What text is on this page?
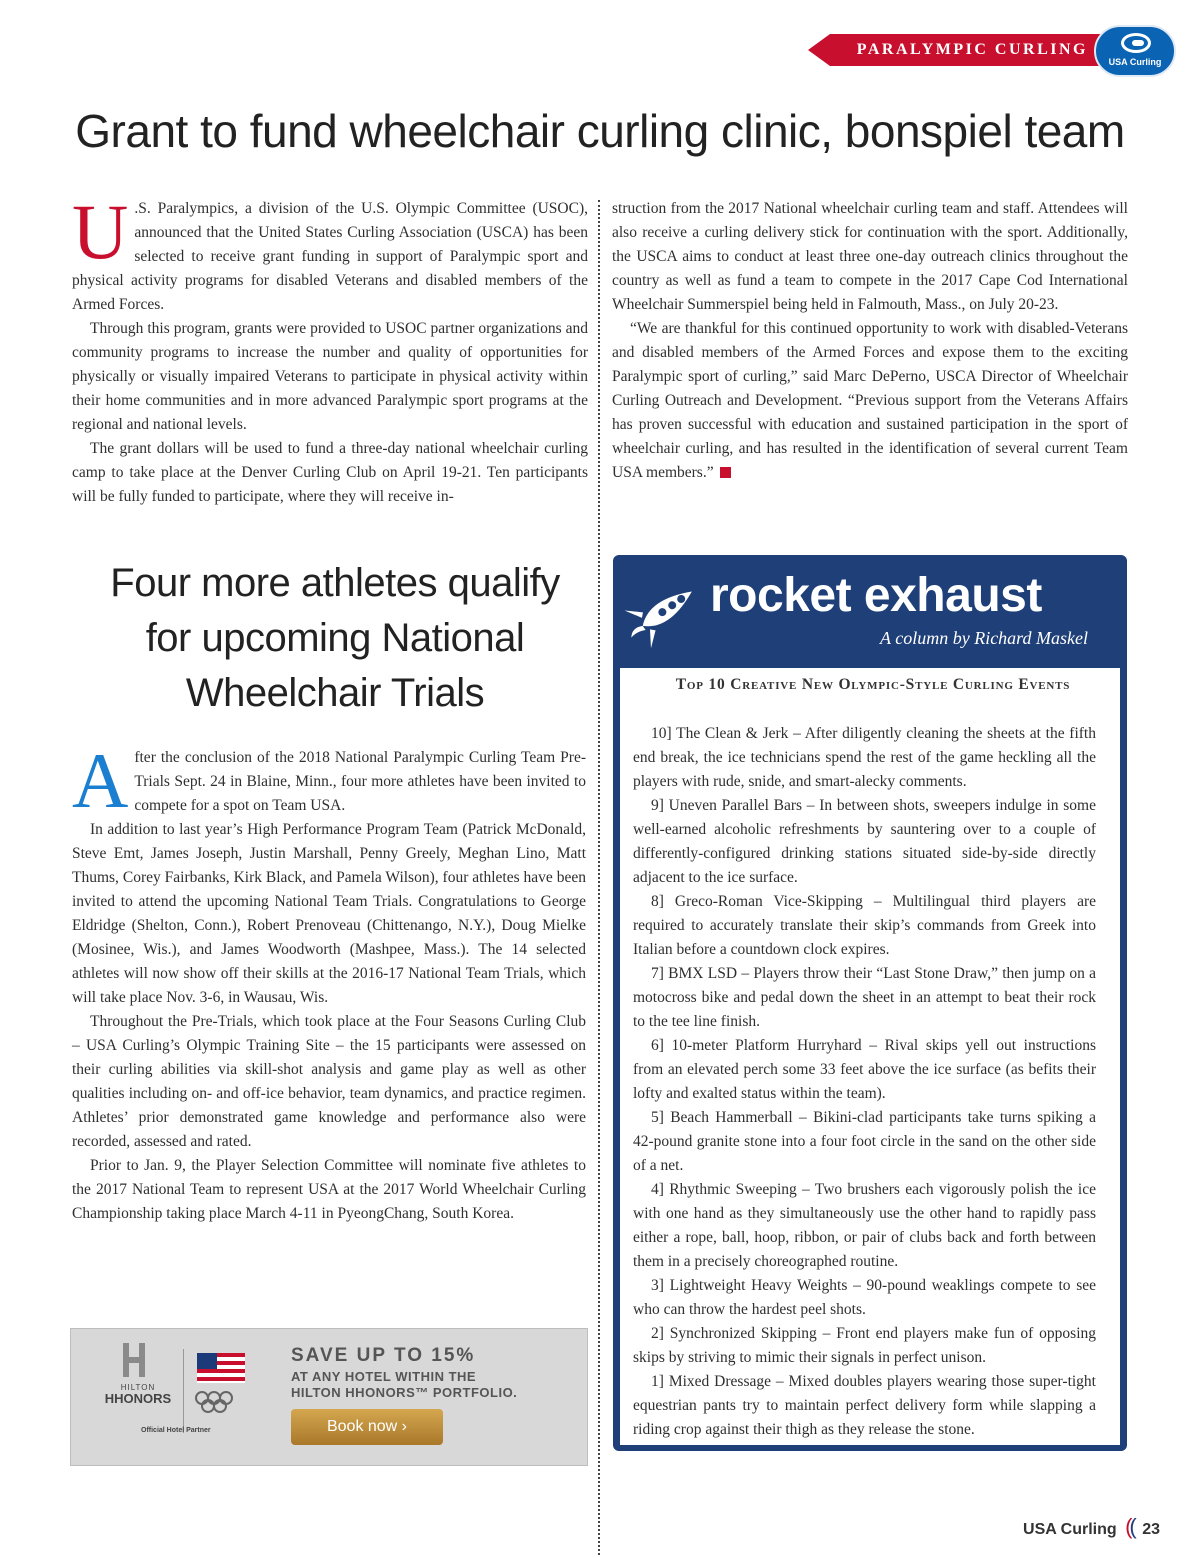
PARALYMPIC CURLING
USA Curling
Grant to fund wheelchair curling clinic, bonspiel team

U .S. Paralympics, a division of the U.S. Olympic Committee (USOC), announced that the United States Curling Association (USCA) has been selected to receive grant funding in support of Paralympic sport and physical activity programs for disabled Veterans and disabled members of the Armed Forces.

Through this program, grants were provided to USOC partner organizations and community programs to increase the number and quality of opportunities for physically or visually impaired Veterans to participate in physical activity within their home communities and in more advanced Paralympic sport programs at the regional and national levels.

The grant dollars will be used to fund a three-day national wheelchair curling camp to take place at the Denver Curling Club on April 19-21. Ten participants will be fully funded to participate, where they will receive in-

struction from the 2017 National wheelchair curling team and staff. Attendees will also receive a curling delivery stick for continuation with the sport. Additionally, the USCA aims to conduct at least three one-day outreach clinics throughout the country as well as fund a team to compete in the 2017 Cape Cod International Wheelchair Summerspiel being held in Falmouth, Mass., on July 20-23.

“We are thankful for this continued opportunity to work with disabled-Veterans and disabled members of the Armed Forces and expose them to the exciting Paralympic sport of curling,” said Marc DePerno, USCA Director of Wheelchair Curling Outreach and Development. “Previous support from the Veterans Affairs has proven successful with education and sustained participation in the sport of wheelchair curling, and has resulted in the identification of several current Team USA members.”

Four more athletes qualify
for upcoming National
Wheelchair Trials

After the conclusion of the 2018 National Paralympic Curling Team Pre-Trials Sept. 24 in Blaine, Minn., four more athletes have been invited to compete for a spot on Team USA.

In addition to last year’s High Performance Program Team (Patrick McDonald, Steve Emt, James Joseph, Justin Marshall, Penny Greely, Meghan Lino, Matt Thums, Corey Fairbanks, Kirk Black, and Pamela Wilson), four athletes have been invited to attend the upcoming National Team Trials. Congratulations to George Eldridge (Shelton, Conn.), Robert Prenoveau (Chittenango, N.Y.), Doug Mielke (Mosinee, Wis.), and James Woodworth (Mashpee, Mass.). The 14 selected athletes will now show off their skills at the 2016-17 National Team Trials, which will take place Nov. 3-6, in Wausau, Wis.

Throughout the Pre-Trials, which took place at the Four Seasons Curling Club – USA Curling’s Olympic Training Site – the 15 participants were assessed on their curling abilities via skill-shot analysis and game play as well as other qualities including on- and off-ice behavior, team dynamics, and practice regimen. Athletes’ prior demonstrated game knowledge and performance also were recorded, assessed and rated.

Prior to Jan. 9, the Player Selection Committee will nominate five athletes to the 2017 National Team to represent USA at the 2017 World Wheelchair Curling Championship taking place March 4-11 in PyeongChang, South Korea.

HILTON
HHONORS
Official Hotel Partner
SAVE UP TO 15%
AT ANY HOTEL WITHIN THE
HILTON HHONORS™ PORTFOLIO.
Book now ›
rocket exhaust
A column by Richard Maskel
Top 10 Creative New Olympic-Style Curling Events

10] The Clean & Jerk – After diligently cleaning the sheets at the fifth end break, the ice technicians spend the rest of the game heckling all the players with rude, snide, and smart-alecky comments.

9] Uneven Parallel Bars – In between shots, sweepers indulge in some well-earned alcoholic refreshments by sauntering over to a couple of differently-configured drinking stations situated side-by-side directly adjacent to the ice surface.

8] Greco-Roman Vice-Skipping – Multilingual third players are required to accurately translate their skip’s commands from Greek into Italian before a countdown clock expires.

7] BMX LSD – Players throw their “Last Stone Draw,” then jump on a motocross bike and pedal down the sheet in an attempt to beat their rock to the tee line finish.

6] 10-meter Platform Hurryhard – Rival skips yell out instructions from an elevated perch some 33 feet above the ice surface (as befits their lofty and exalted status within the team).

5] Beach Hammerball – Bikini-clad participants take turns spiking a 42-pound granite stone into a four foot circle in the sand on the other side of a net.

4] Rhythmic Sweeping – Two brushers each vigorously polish the ice with one hand as they simultaneously use the other hand to rapidly pass either a rope, ball, hoop, ribbon, or pair of clubs back and forth between them in a precisely choreographed routine.

3] Lightweight Heavy Weights – 90-pound weaklings compete to see who can throw the hardest peel shots.

2] Synchronized Skipping – Front end players make fun of opposing skips by striving to mimic their signals in perfect unison.

1] Mixed Dressage – Mixed doubles players wearing those super-tight equestrian pants try to maintain perfect delivery form while slapping a riding crop against their thigh as they release the stone.

USA Curling (( 23
